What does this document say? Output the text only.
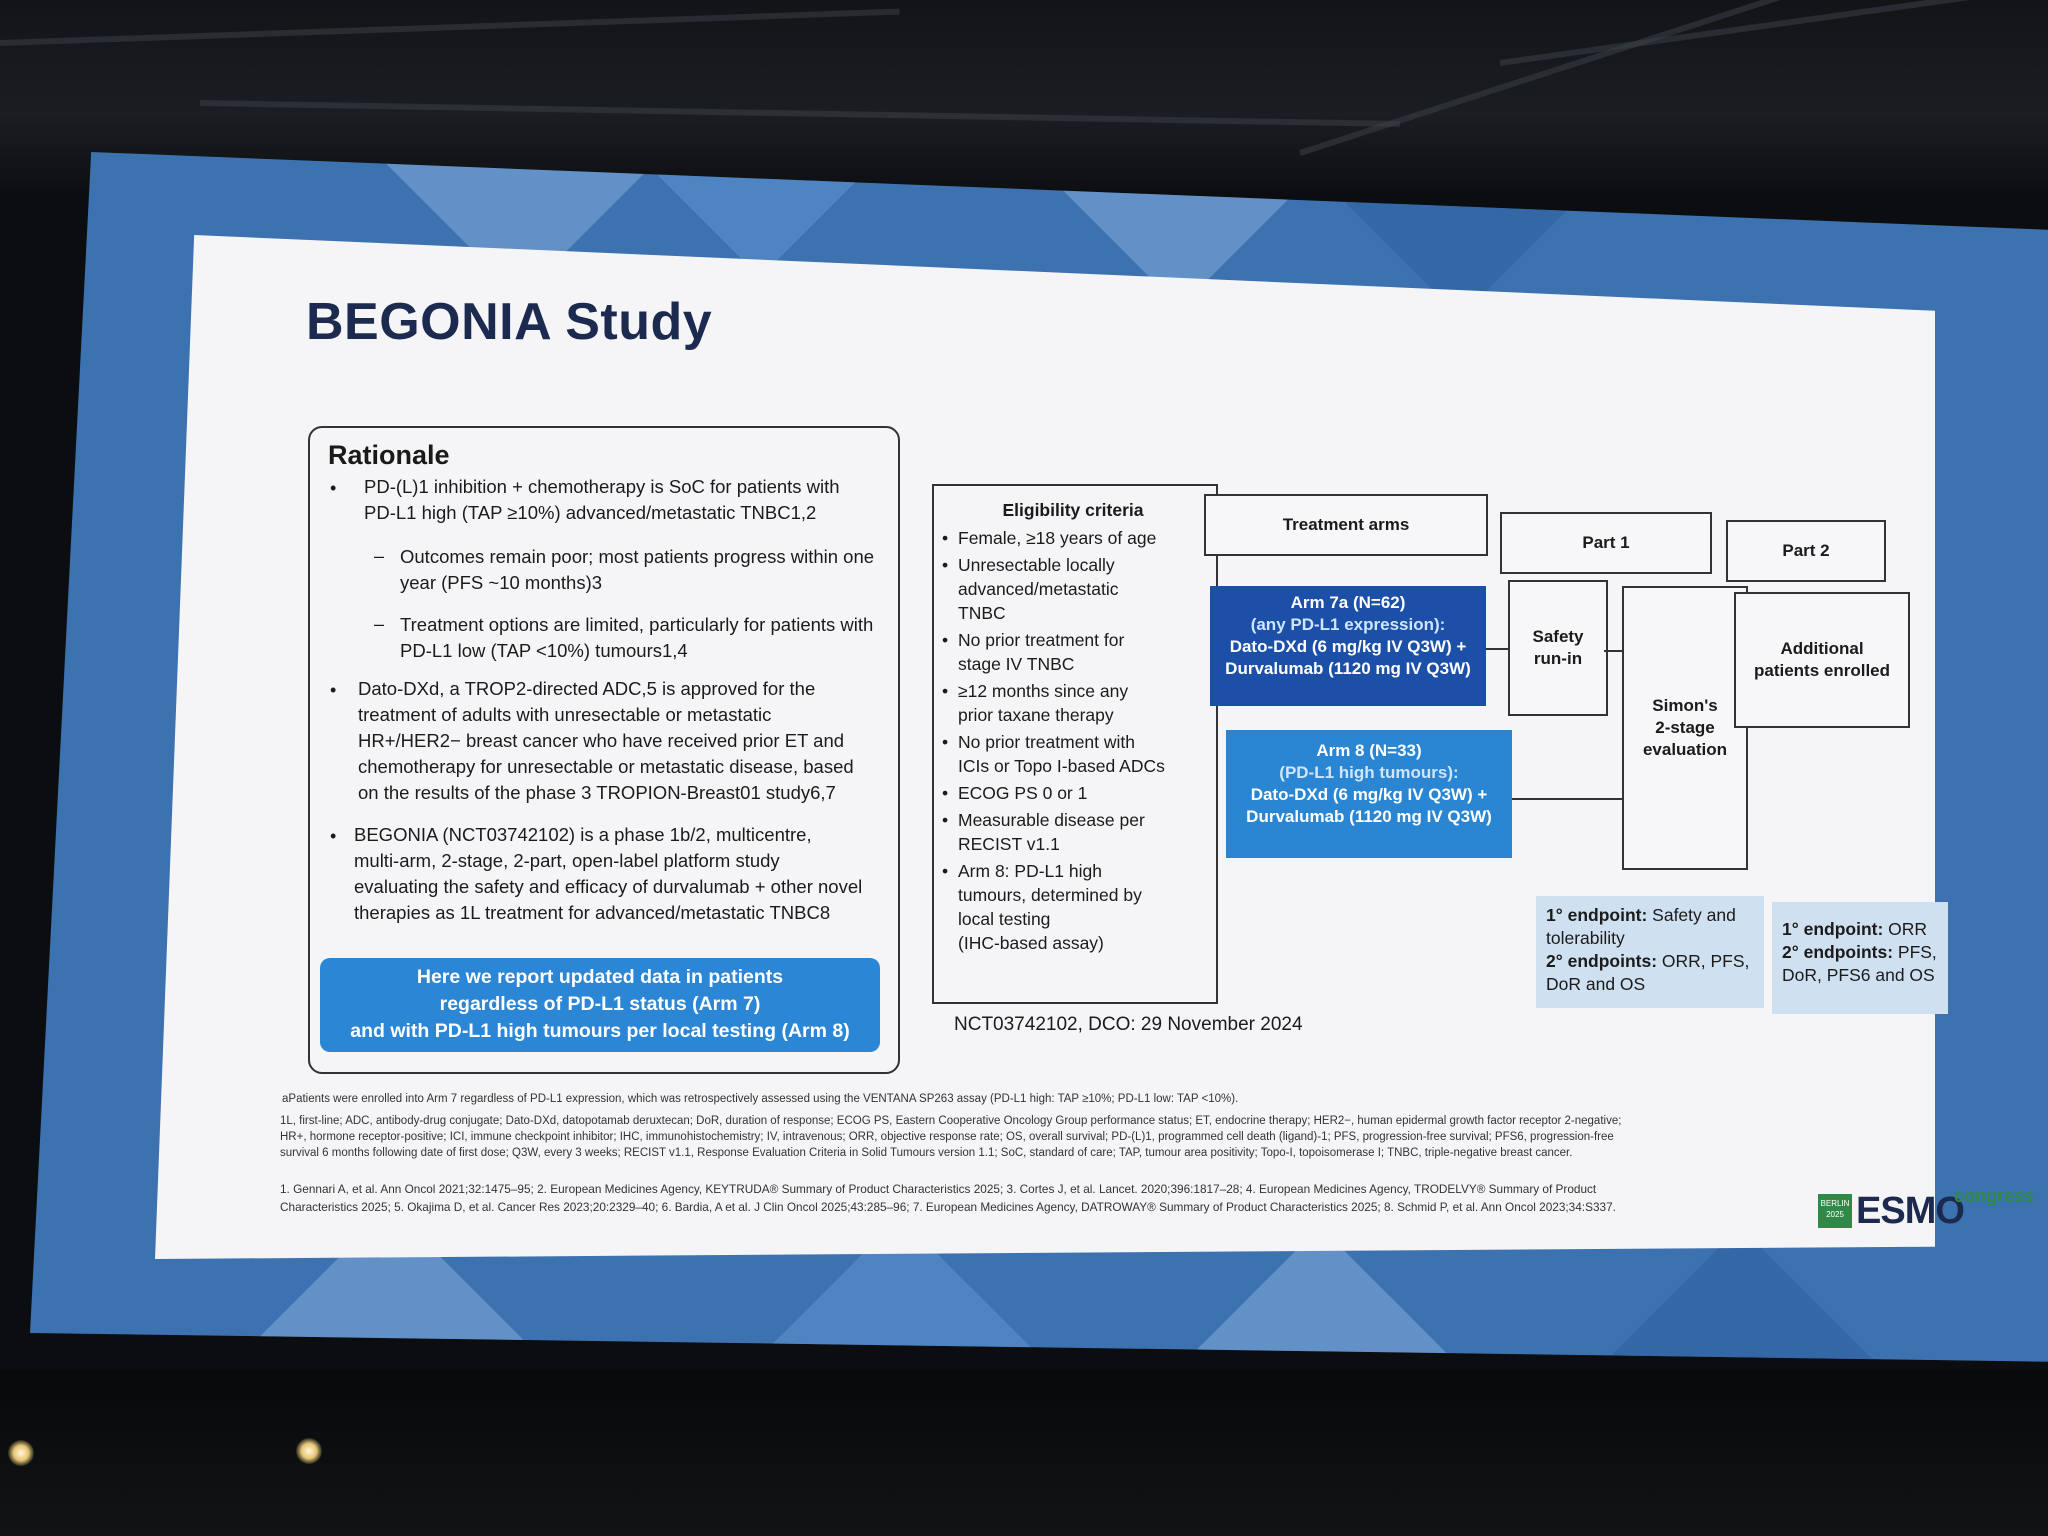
BEGONIA Study
Rationale
• PD-(L)1 inhibition + chemotherapy is SoC for patients with
PD-L1 high (TAP ≥10%) advanced/metastatic TNBC1,2
– Outcomes remain poor; most patients progress within one
year (PFS ~10 months)3
– Treatment options are limited, particularly for patients with
PD-L1 low (TAP <10%) tumours1,4
• Dato-DXd, a TROP2-directed ADC,5 is approved for the
treatment of adults with unresectable or metastatic
HR+/HER2− breast cancer who have received prior ET and
chemotherapy for unresectable or metastatic disease, based
on the results of the phase 3 TROPION-Breast01 study6,7
• BEGONIA (NCT03742102) is a phase 1b/2, multicentre,
multi-arm, 2-stage, 2-part, open-label platform study
evaluating the safety and efficacy of durvalumab + other novel
therapies as 1L treatment for advanced/metastatic TNBC8
Here we report updated data in patients
regardless of PD-L1 status (Arm 7)
and with PD-L1 high tumours per local testing (Arm 8)
Eligibility criteria
• Female, ≥18 years of age
• Unresectable locally
advanced/metastatic
TNBC
• No prior treatment for
stage IV TNBC
• ≥12 months since any
prior taxane therapy
• No prior treatment with
ICIs or Topo I-based ADCs
• ECOG PS 0 or 1
• Measurable disease per
RECIST v1.1
• Arm 8: PD-L1 high
tumours, determined by
local testing
(IHC-based assay)
Treatment arms
Part 1	Part 2
Arm 7a (N=62)
(any PD-L1 expression):
Dato-DXd (6 mg/kg IV Q3W) +
Durvalumab (1120 mg IV Q3W)
Arm 8 (N=33)
(PD-L1 high tumours):
Dato-DXd (6 mg/kg IV Q3W) +
Durvalumab (1120 mg IV Q3W)
Safety
run-in
Simon's
2-stage
evaluation
Additional
patients enrolled
1° endpoint: Safety and
tolerability
2° endpoints: ORR, PFS,
DoR and OS
1° endpoint: ORR
2° endpoints: PFS,
DoR, PFS6 and OS
NCT03742102, DCO: 29 November 2024
aPatients were enrolled into Arm 7 regardless of PD-L1 expression, which was retrospectively assessed using the VENTANA SP263 assay (PD-L1 high: TAP ≥10%; PD-L1 low: TAP <10%).
1L, first-line; ADC, antibody-drug conjugate; Dato-DXd, datopotamab deruxtecan; DoR, duration of response; ECOG PS, Eastern Cooperative Oncology Group performance status; ET, endocrine therapy; HER2−, human epidermal growth factor receptor 2-negative;
HR+, hormone receptor-positive; ICI, immune checkpoint inhibitor; IHC, immunohistochemistry; IV, intravenous; ORR, objective response rate; OS, overall survival; PD-(L)1, programmed cell death (ligand)-1; PFS, progression-free survival; PFS6, progression-free
survival 6 months following date of first dose; Q3W, every 3 weeks; RECIST v1.1, Response Evaluation Criteria in Solid Tumours version 1.1; SoC, standard of care; TAP, tumour area positivity; Topo-I, topoisomerase I; TNBC, triple-negative breast cancer.
1. Gennari A, et al. Ann Oncol 2021;32:1475–95; 2. European Medicines Agency, KEYTRUDA® Summary of Product Characteristics 2025; 3. Cortes J, et al. Lancet. 2020;396:1817–28; 4. European Medicines Agency, TRODELVY® Summary of Product
Characteristics 2025; 5. Okajima D, et al. Cancer Res 2023;20:2329–40; 6. Bardia, A et al. J Clin Oncol 2025;43:285–96; 7. European Medicines Agency, DATROWAY® Summary of Product Characteristics 2025; 8. Schmid P, et al. Ann Oncol 2023;34:S337.	BERLIN 2025 ESMO
congress
